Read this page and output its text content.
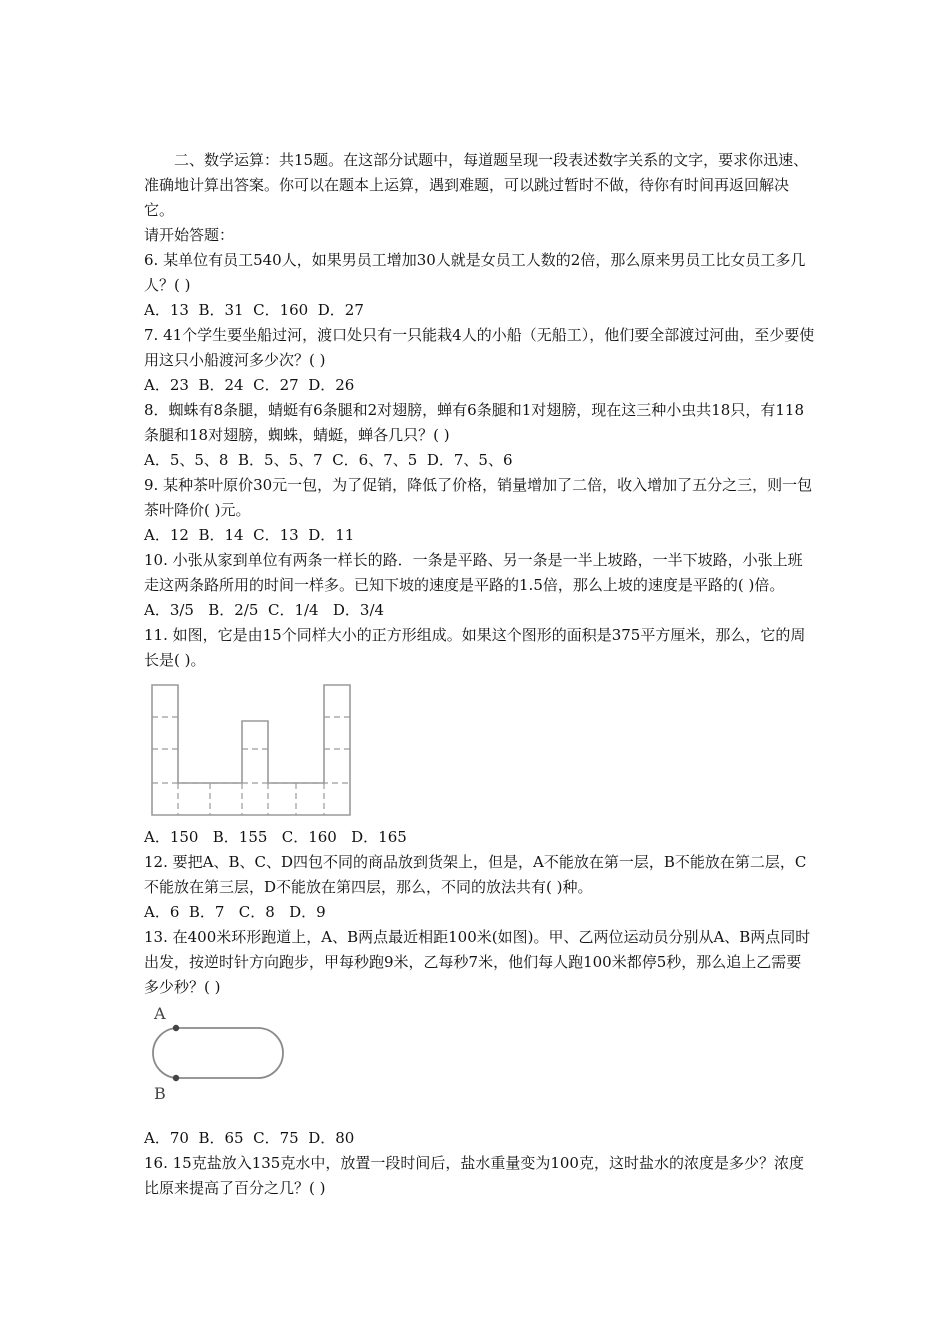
二、数学运算：共15题。在这部分试题中，每道题呈现一段表述数字关系的文字，要求你迅速、准确地计算出答案。你可以在题本上运算，遇到难题，可以跳过暂时不做，待你有时间再返回解决它。

请开始答题：

6. 某单位有员工540人，如果男员工增加30人就是女员工人数的2倍，那么原来男员工比女员工多几人？( )

A．13  B．31  C．160  D．27

7. 41个学生要坐船过河，渡口处只有一只能栽4人的小船（无船工），他们要全部渡过河曲，至少要使用这只小船渡河多少次？( )

A．23  B．24  C．27  D．26

8．蜘蛛有8条腿，蜻蜓有6条腿和2对翅膀，蝉有6条腿和1对翅膀，现在这三种小虫共18只，有118条腿和18对翅膀，蜘蛛，蜻蜓，蝉各几只？( )

A．5、5、8  B．5、5、7  C．6、7、5  D．7、5、6

9. 某种茶叶原价30元一包，为了促销，降低了价格，销量增加了二倍，收入增加了五分之三，则一包茶叶降价( )元。

A．12  B．14  C．13  D．11

10. 小张从家到单位有两条一样长的路．一条是平路、另一条是一半上坡路，一半下坡路，小张上班走这两条路所用的时间一样多。已知下坡的速度是平路的1.5倍，那么上坡的速度是平路的( )倍。

A．3/5   B．2/5  C．1/4   D．3/4

11. 如图，它是由15个同样大小的正方形组成。如果这个图形的面积是375平方厘米，那么，它的周长是( )。

A．150   B．155   C．160   D．165

12. 要把A、B、C、D四包不同的商品放到货架上，但是，A不能放在第一层，B不能放在第二层，C不能放在第三层，D不能放在第四层，那么，不同的放法共有( )种。

A．6  B．7   C．8   D．9

13. 在400米环形跑道上，A、B两点最近相距100米(如图)。甲、乙两位运动员分别从A、B两点同时出发，按逆时针方向跑步，甲每秒跑9米，乙每秒7米，他们每人跑100米都停5秒，那么追上乙需要多少秒？( )

A
B

A．70  B．65  C．75  D．80

16. 15克盐放入135克水中，放置一段时间后，盐水重量变为100克，这时盐水的浓度是多少？浓度比原来提高了百分之几？( )
